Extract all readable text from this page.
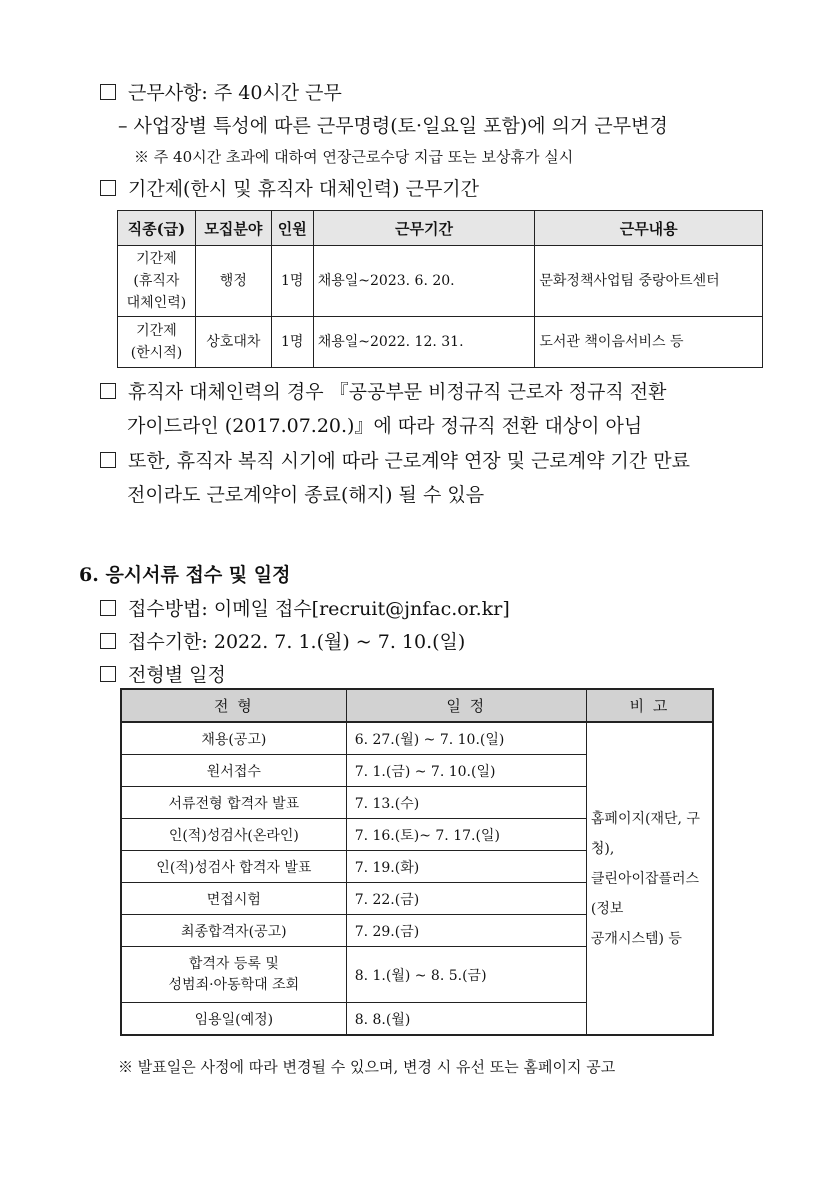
근무사항: 주 40시간 근무
– 사업장별 특성에 따른 근무명령(토·일요일 포함)에 의거 근무변경
※ 주 40시간 초과에 대하여 연장근로수당 지급 또는 보상휴가 실시
기간제(한시 및 휴직자 대체인력) 근무기간
직종(급)	모집분야	인원	근무기간	근무내용

기간제
(휴직자
대체인력)	행정	1명	채용일~2023. 6. 20.	문화정책사업팀 중랑아트센터

기간제
(한시적)	상호대차	1명	채용일~2022. 12. 31.	도서관 책이음서비스 등
휴직자 대체인력의 경우 『공공부문 비정규직 근로자 정규직 전환
가이드라인 (2017.07.20.)』에 따라 정규직 전환 대상이 아님
또한, 휴직자 복직 시기에 따라 근로계약 연장 및 근로계약 기간 만료
전이라도 근로계약이 종료(해지) 될 수 있음
6. 응시서류 접수 및 일정
접수방법: 이메일 접수[recruit@jnfac.or.kr]
접수기한: 2022. 7. 1.(월) ~ 7. 10.(일)
전형별 일정
전 형	일 정	비 고
채용(공고)	6. 27.(월) ~ 7. 10.(일)	홈페이지(재단, 구청),
클린아이잡플러스(정보
공개시스템) 등

원서접수	7. 1.(금) ~ 7. 10.(일)	
서류전형 합격자 발표	7. 13.(수)	
인(적)성검사(온라인)	7. 16.(토)~ 7. 17.(일)	
인(적)성검사 합격자 발표	7. 19.(화)	
면접시험	7. 22.(금)	
최종합격자(공고)	7. 29.(금)	

합격자 등록 및
성범죄·아동학대 조회	8. 1.(월) ~ 8. 5.(금)	
임용일(예정)	8. 8.(월)	
※ 발표일은 사정에 따라 변경될 수 있으며, 변경 시 유선 또는 홈페이지 공고
